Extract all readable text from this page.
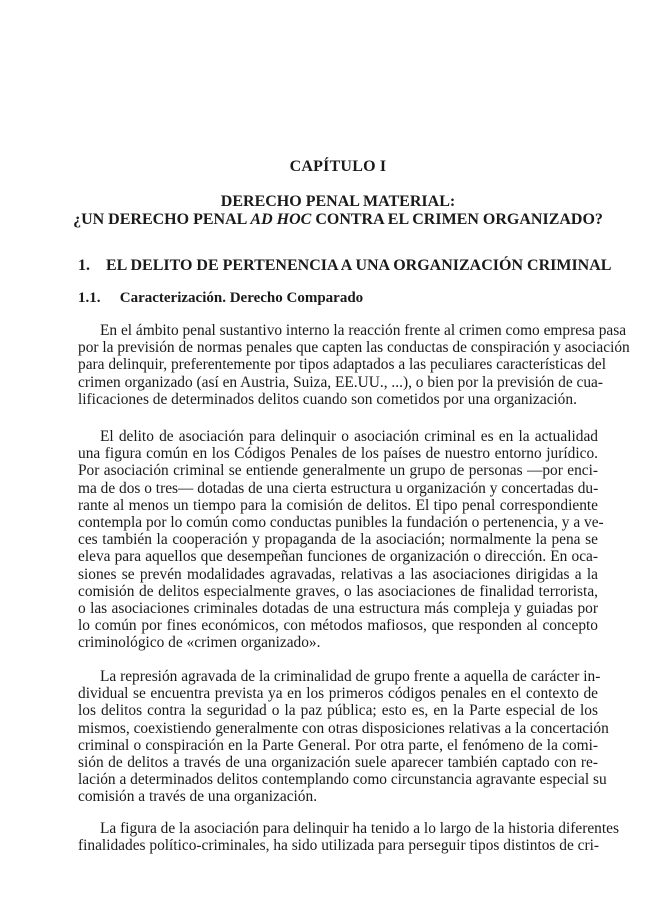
CAPÍTULO I
DERECHO PENAL MATERIAL:
¿UN DERECHO PENAL AD HOC CONTRA EL CRIMEN ORGANIZADO?
1. EL DELITO DE PERTENENCIA A UNA ORGANIZACIÓN CRIMINAL
1.1. Caracterización. Derecho Comparado
En el ámbito penal sustantivo interno la reacción frente al crimen como empresa pasa
por la previsión de normas penales que capten las conductas de conspiración y asociación
para delinquir, preferentemente por tipos adaptados a las peculiares características del
crimen organizado (así en Austria, Suiza, EE.UU., ...), o bien por la previsión de cua-
lificaciones de determinados delitos cuando son cometidos por una organización.
El delito de asociación para delinquir o asociación criminal es en la actualidad
una figura común en los Códigos Penales de los países de nuestro entorno jurídico.
Por asociación criminal se entiende generalmente un grupo de personas —por enci-
ma de dos o tres— dotadas de una cierta estructura u organización y concertadas du-
rante al menos un tiempo para la comisión de delitos. El tipo penal correspondiente
contempla por lo común como conductas punibles la fundación o pertenencia, y a ve-
ces también la cooperación y propaganda de la asociación; normalmente la pena se
eleva para aquellos que desempeñan funciones de organización o dirección. En oca-
siones se prevén modalidades agravadas, relativas a las asociaciones dirigidas a la
comisión de delitos especialmente graves, o las asociaciones de finalidad terrorista,
o las asociaciones criminales dotadas de una estructura más compleja y guiadas por
lo común por fines económicos, con métodos mafiosos, que responden al concepto
criminológico de «crimen organizado».
La represión agravada de la criminalidad de grupo frente a aquella de carácter in-
dividual se encuentra prevista ya en los primeros códigos penales en el contexto de
los delitos contra la seguridad o la paz pública; esto es, en la Parte especial de los
mismos, coexistiendo generalmente con otras disposiciones relativas a la concertación
criminal o conspiración en la Parte General. Por otra parte, el fenómeno de la comi-
sión de delitos a través de una organización suele aparecer también captado con re-
lación a determinados delitos contemplando como circunstancia agravante especial su
comisión a través de una organización.
La figura de la asociación para delinquir ha tenido a lo largo de la historia diferentes
finalidades político-criminales, ha sido utilizada para perseguir tipos distintos de cri-
